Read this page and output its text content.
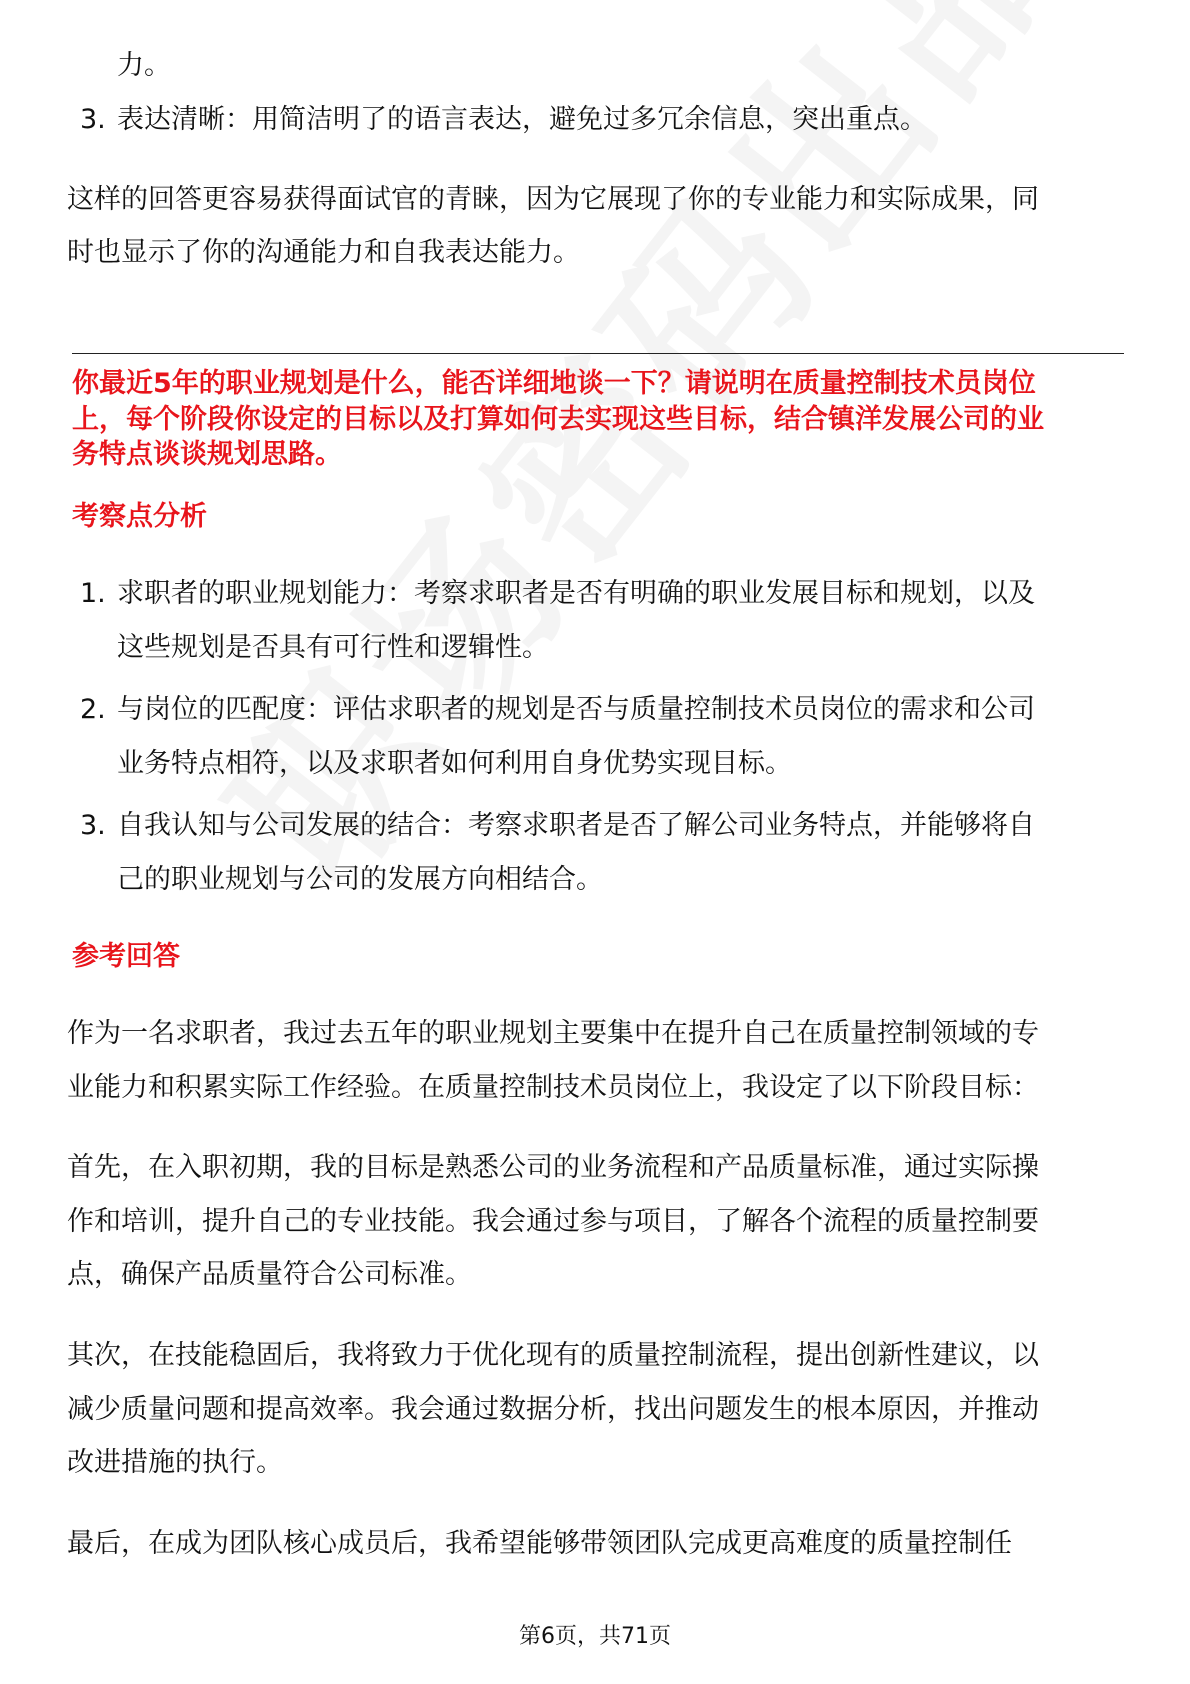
力。
3. 表达清晰：用简洁明了的语言表达，避免过多冗余信息，突出重点。
这样的回答更容易获得面试官的青睐，因为它展现了你的专业能力和实际成果，同
时也显示了你的沟通能力和自我表达能力。
你最近5年的职业规划是什么，能否详细地谈一下？请说明在质量控制技术员岗位
上，每个阶段你设定的目标以及打算如何去实现这些目标，结合镇洋发展公司的业
务特点谈谈规划思路。
考察点分析
1. 求职者的职业规划能力：考察求职者是否有明确的职业发展目标和规划，以及
这些规划是否具有可行性和逻辑性。
2. 与岗位的匹配度：评估求职者的规划是否与质量控制技术员岗位的需求和公司
业务特点相符，以及求职者如何利用自身优势实现目标。
3. 自我认知与公司发展的结合：考察求职者是否了解公司业务特点，并能够将自
己的职业规划与公司的发展方向相结合。
参考回答
作为一名求职者，我过去五年的职业规划主要集中在提升自己在质量控制领域的专
业能力和积累实际工作经验。在质量控制技术员岗位上，我设定了以下阶段目标：
首先，在入职初期，我的目标是熟悉公司的业务流程和产品质量标准，通过实际操
作和培训，提升自己的专业技能。我会通过参与项目，了解各个流程的质量控制要
点，确保产品质量符合公司标准。
其次，在技能稳固后，我将致力于优化现有的质量控制流程，提出创新性建议，以
减少质量问题和提高效率。我会通过数据分析，找出问题发生的根本原因，并推动
改进措施的执行。
最后，在成为团队核心成员后，我希望能够带领团队完成更高难度的质量控制任
第6页，共71页
